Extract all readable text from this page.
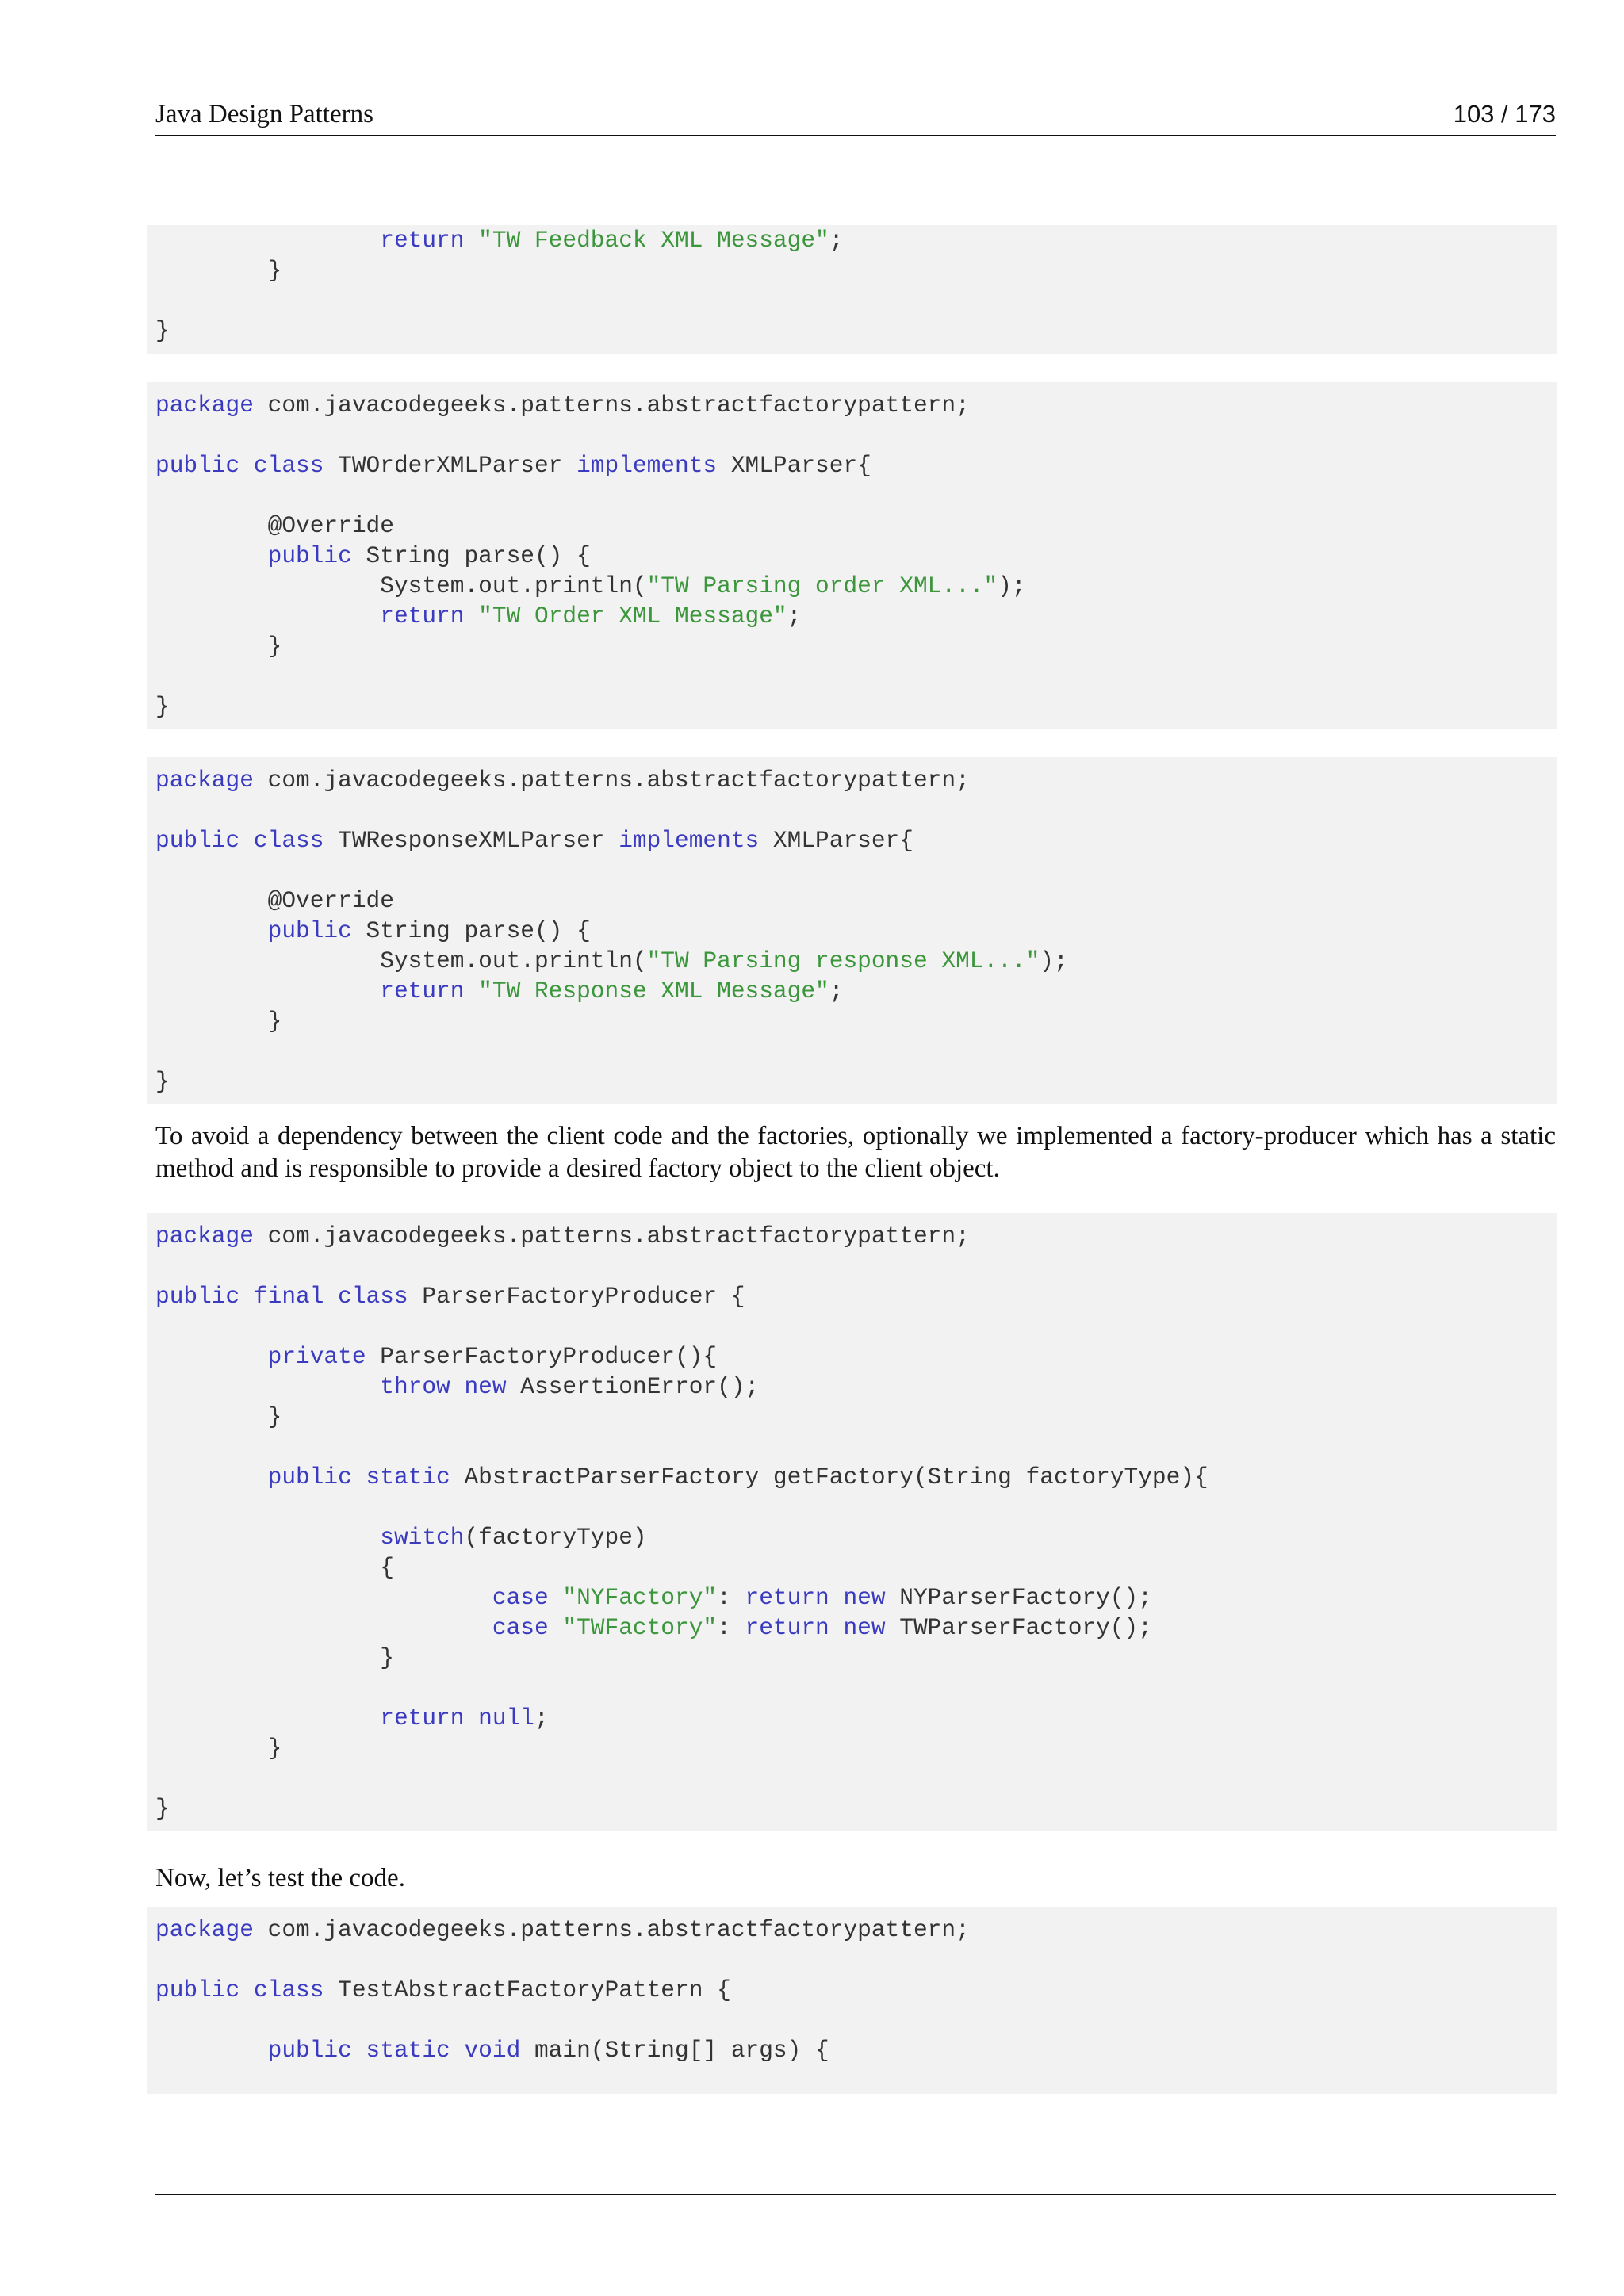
Java Design Patterns	103 / 173
return "TW Feedback XML Message";
}
}
package com.javacodegeeks.patterns.abstractfactorypattern;
public class TWOrderXMLParser implements XMLParser{
@Override
public String parse() {
System.out.println("TW Parsing order XML...");
return "TW Order XML Message";
}
}
package com.javacodegeeks.patterns.abstractfactorypattern;
public class TWResponseXMLParser implements XMLParser{
@Override
public String parse() {
System.out.println("TW Parsing response XML...");
return "TW Response XML Message";
}
}

To avoid a dependency between the client code and the factories, optionally we implemented a factory-producer which has a static method and is responsible to provide a desired factory object to the client object.

package com.javacodegeeks.patterns.abstractfactorypattern;
public final class ParserFactoryProducer {
private ParserFactoryProducer(){
throw new AssertionError();
}
public static AbstractParserFactory getFactory(String factoryType){
switch(factoryType)
{
case "NYFactory": return new NYParserFactory();
case "TWFactory": return new TWParserFactory();
}
return null;
}
}

Now, let’s test the code.

package com.javacodegeeks.patterns.abstractfactorypattern;
public class TestAbstractFactoryPattern {
public static void main(String[] args) {
